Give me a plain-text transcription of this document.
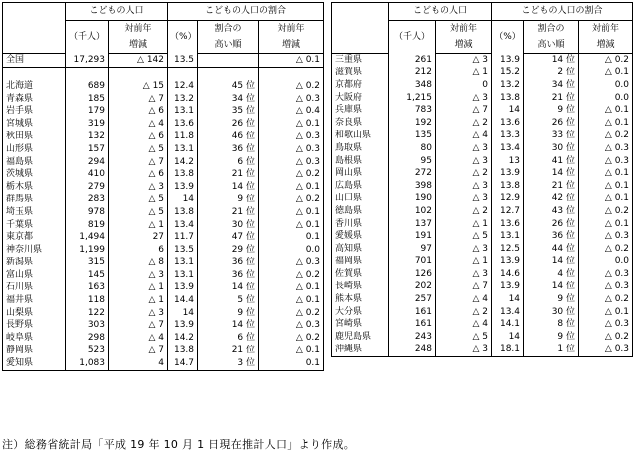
	こどもの人口		こどもの人口の割合		
	（千人）	対前年	（%）	割合の	対前年
		増減		高い順	増減
全国	17,293	△ 142	13.5		△ 0.1

北海道	689	△ 15	12.4	45 位	△ 0.2
青森県	185	△ 7	13.2	34 位	△ 0.3
岩手県	179	△ 6	13.1	35 位	△ 0.4
宮城県	319	△ 4	13.6	26 位	△ 0.1
秋田県	132	△ 6	11.8	46 位	△ 0.3
山形県	157	△ 5	13.1	36 位	△ 0.3
福島県	294	△ 7	14.2	6 位	△ 0.3
茨城県	410	△ 6	13.8	21 位	△ 0.2
栃木県	279	△ 3	13.9	14 位	△ 0.1
群馬県	283	△ 5	14	9 位	△ 0.2
埼玉県	978	△ 5	13.8	21 位	△ 0.1
千葉県	819	△ 1	13.4	30 位	△ 0.1
東京都	1,494	27	11.7	47 位	0.1
神奈川県	1,199	6	13.5	29 位	0.0
新潟県	315	△ 8	13.1	36 位	△ 0.3
富山県	145	△ 3	13.1	36 位	△ 0.2
石川県	163	△ 1	13.9	14 位	△ 0.1
福井県	118	△ 1	14.4	5 位	△ 0.1
山梨県	122	△ 3	14	9 位	△ 0.2
長野県	303	△ 7	13.9	14 位	△ 0.3
岐阜県	298	△ 4	14.2	6 位	△ 0.2
静岡県	523	△ 7	13.8	21 位	△ 0.1
愛知県	1,083	4	14.7	3 位	0.1
	こどもの人口		こどもの人口の割合		
	（千人）	対前年	（%）	割合の	対前年
		増減		高い順	増減
三重県	261	△ 3	13.9	14 位	△ 0.2
滋賀県	212	△ 1	15.2	2 位	△ 0.1
京都府	348	0	13.2	34 位	0.0
大阪府	1,215	△ 3	13.8	21 位	0.0
兵庫県	783	△ 7	14	9 位	△ 0.1
奈良県	192	△ 2	13.6	26 位	△ 0.1
和歌山県	135	△ 4	13.3	33 位	△ 0.2
鳥取県	80	△ 3	13.4	30 位	△ 0.3
島根県	95	△ 3	13	41 位	△ 0.3
岡山県	272	△ 2	13.9	14 位	△ 0.1
広島県	398	△ 3	13.8	21 位	△ 0.1
山口県	190	△ 3	12.9	42 位	△ 0.1
徳島県	102	△ 2	12.7	43 位	△ 0.2
香川県	137	△ 1	13.6	26 位	△ 0.1
愛媛県	191	△ 5	13.1	36 位	△ 0.3
高知県	97	△ 3	12.5	44 位	△ 0.2
福岡県	701	△ 1	13.9	14 位	0.0
佐賀県	126	△ 3	14.6	4 位	△ 0.3
長崎県	202	△ 7	13.9	14 位	△ 0.3
熊本県	257	△ 4	14	9 位	△ 0.2
大分県	161	△ 2	13.4	30 位	△ 0.1
宮崎県	161	△ 4	14.1	8 位	△ 0.3
鹿児島県	243	△ 5	14	9 位	△ 0.2
沖縄県	248	△ 3	18.1	1 位	△ 0.3
注）総務省統計局「平成 19 年 10 月 1 日現在推計人口」より作成。
